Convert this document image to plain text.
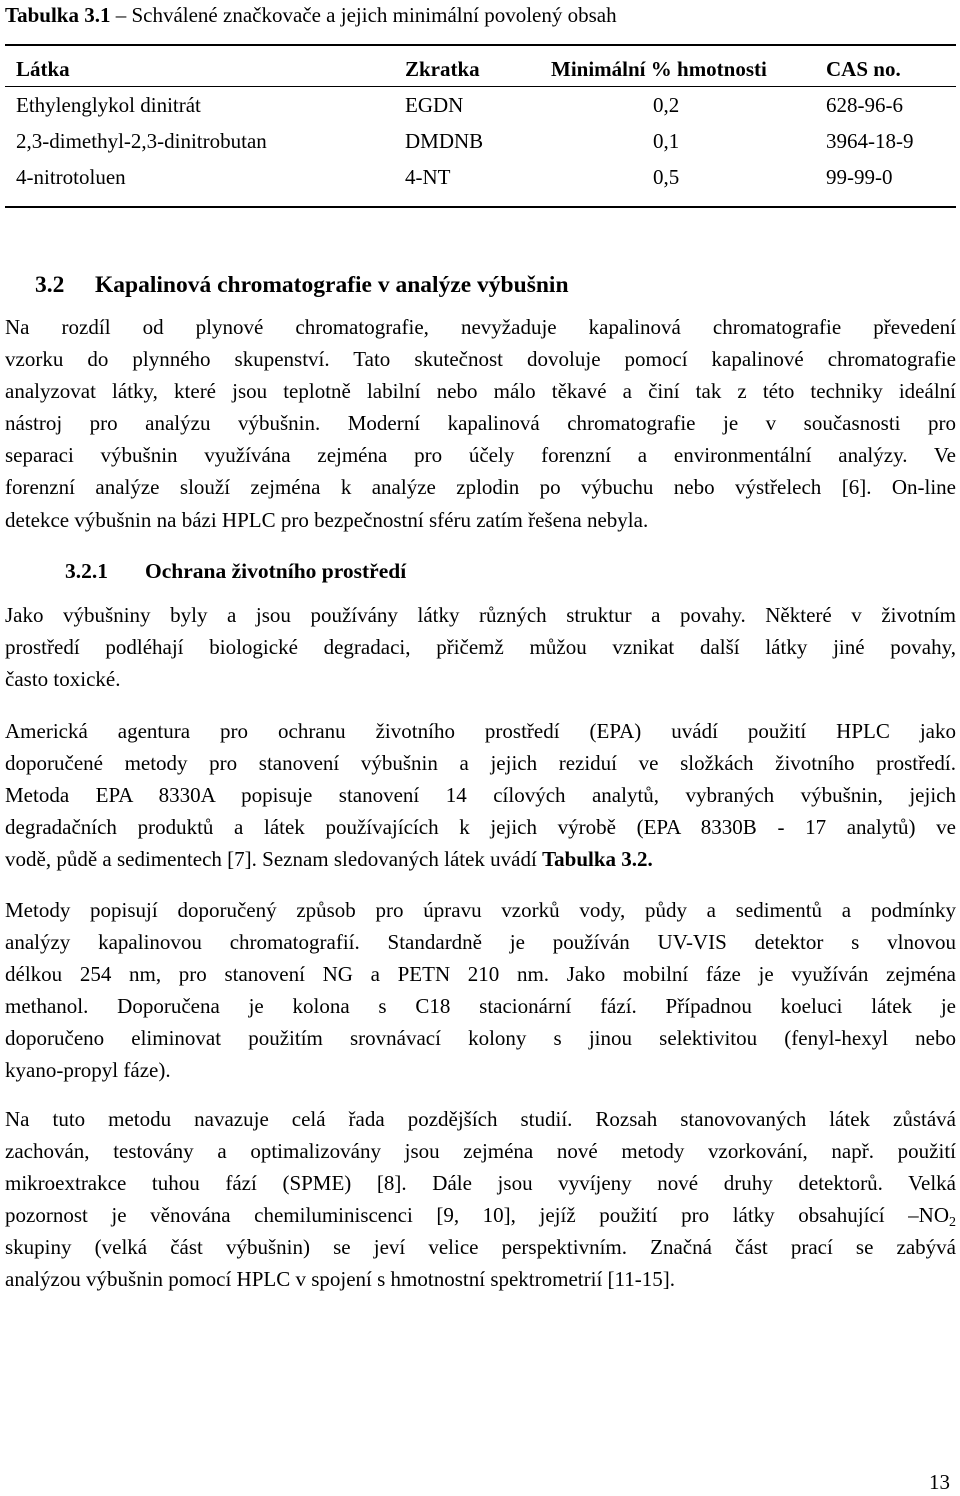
Tabulka 3.1 – Schválené značkovače a jejich minimální povolený obsah
Látka	Zkratka	Minimální % hmotnosti	CAS no.
Ethylenglykol dinitrát	EGDN	0,2	628-96-6
2,3-dimethyl-2,3-dinitrobutan	DMDNB	0,1	3964-18-9
4-nitrotoluen	4-NT	0,5	99-99-0
3.2 Kapalinová chromatografie v analýze výbušnin
Na rozdíl od plynové chromatografie, nevyžaduje kapalinová chromatografie převedení
vzorku do plynného skupenství. Tato skutečnost dovoluje pomocí kapalinové chromatografie
analyzovat látky, které jsou teplotně labilní nebo málo těkavé a činí tak z této techniky ideální
nástroj pro analýzu výbušnin. Moderní kapalinová chromatografie je v současnosti pro
separaci výbušnin využívána zejména pro účely forenzní a environmentální analýzy. Ve
forenzní analýze slouží zejména k analýze zplodin po výbuchu nebo výstřelech [6]. On-line
detekce výbušnin na bázi HPLC pro bezpečnostní sféru zatím řešena nebyla.
3.2.1 Ochrana životního prostředí
Jako výbušniny byly a jsou používány látky různých struktur a povahy. Některé v životním
prostředí podléhají biologické degradaci, přičemž můžou vznikat další látky jiné povahy,
často toxické.
Americká agentura pro ochranu životního prostředí (EPA) uvádí použití HPLC jako
doporučené metody pro stanovení výbušnin a jejich reziduí ve složkách životního prostředí.
Metoda EPA 8330A popisuje stanovení 14 cílových analytů, vybraných výbušnin, jejich
degradačních produktů a látek používajících k jejich výrobě (EPA 8330B - 17 analytů) ve
vodě, půdě a sedimentech [7]. Seznam sledovaných látek uvádí Tabulka 3.2.
Metody popisují doporučený způsob pro úpravu vzorků vody, půdy a sedimentů a podmínky
analýzy kapalinovou chromatografií. Standardně je používán UV-VIS detektor s vlnovou
délkou 254 nm, pro stanovení NG a PETN 210 nm. Jako mobilní fáze je využíván zejména
methanol. Doporučena je kolona s C18 stacionární fází. Případnou koeluci látek je
doporučeno eliminovat použitím srovnávací kolony s jinou selektivitou (fenyl-hexyl nebo
kyano-propyl fáze).
Na tuto metodu navazuje celá řada pozdějších studií. Rozsah stanovovaných látek zůstává
zachován, testovány a optimalizovány jsou zejména nové metody vzorkování, např. použití
mikroextrakce tuhou fází (SPME) [8]. Dále jsou vyvíjeny nové druhy detektorů. Velká
pozornost je věnována chemiluminiscenci [9, 10], jejíž použití pro látky obsahující $-NO_2$
skupiny (velká část výbušnin) se jeví velice perspektivním. Značná část prací se zabývá
analýzou výbušnin pomocí HPLC v spojení s hmotnostní spektrometrií [11-15].
13
